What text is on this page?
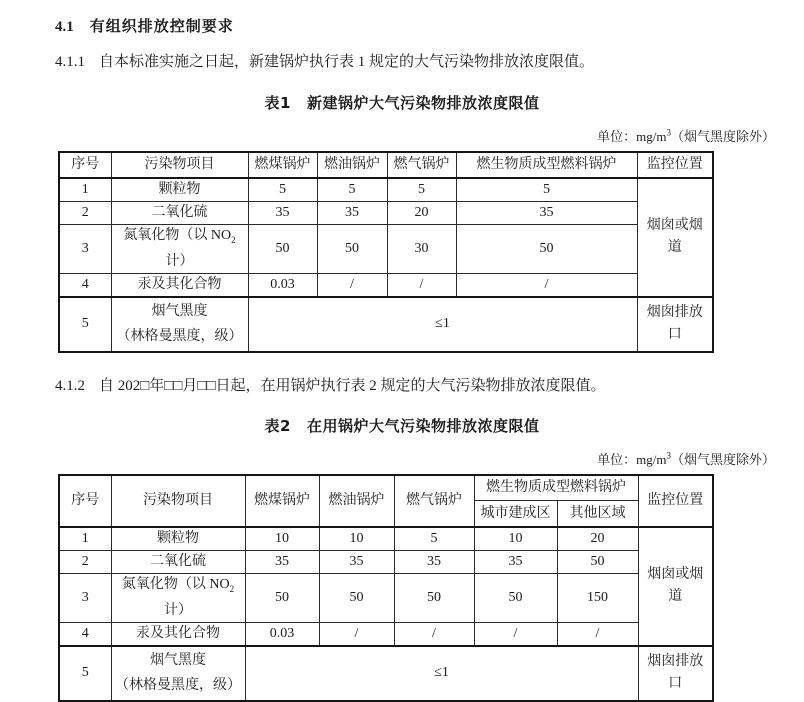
4.1 有组织排放控制要求
4.1.1 自本标准实施之日起，新建锅炉执行表 1 规定的大气污染物排放浓度限值。
表1 新建锅炉大气污染物排放浓度限值
单位：$mg/m^3$（烟气黑度除外）
序号	污染物项目	燃煤锅炉	燃油锅炉	燃气锅炉	燃生物质成型燃料锅炉	监控位置
1	颗粒物	5	5	5	5	烟囱或烟道
2	二氧化硫	35	35	20	35	
3	氮氧化物（以 $NO_2$ 计）	50	50	30	50	
4	汞及其化合物	0.03	/	/	/	
5	烟气黑度
（林格曼黑度，级）	≤1				烟囱排放口
4.1.2 自 202□年□□月□□日起，在用锅炉执行表 2 规定的大气污染物排放浓度限值。
表2 在用锅炉大气污染物排放浓度限值
单位：$mg/m^3$（烟气黑度除外）
序号	污染物项目	燃煤锅炉	燃油锅炉	燃气锅炉	燃生物质成型燃料锅炉		监控位置
					城市建成区	其他区域	
1	颗粒物	10	10	5	10	20	烟囱或烟道
2	二氧化硫	35	35	35	35	50	
3	氮氧化物（以 $NO_2$ 计）	50	50	50	50	150	
4	汞及其化合物	0.03	/	/	/	/	
5	烟气黑度
（林格曼黑度，级）	≤1					烟囱排放口
